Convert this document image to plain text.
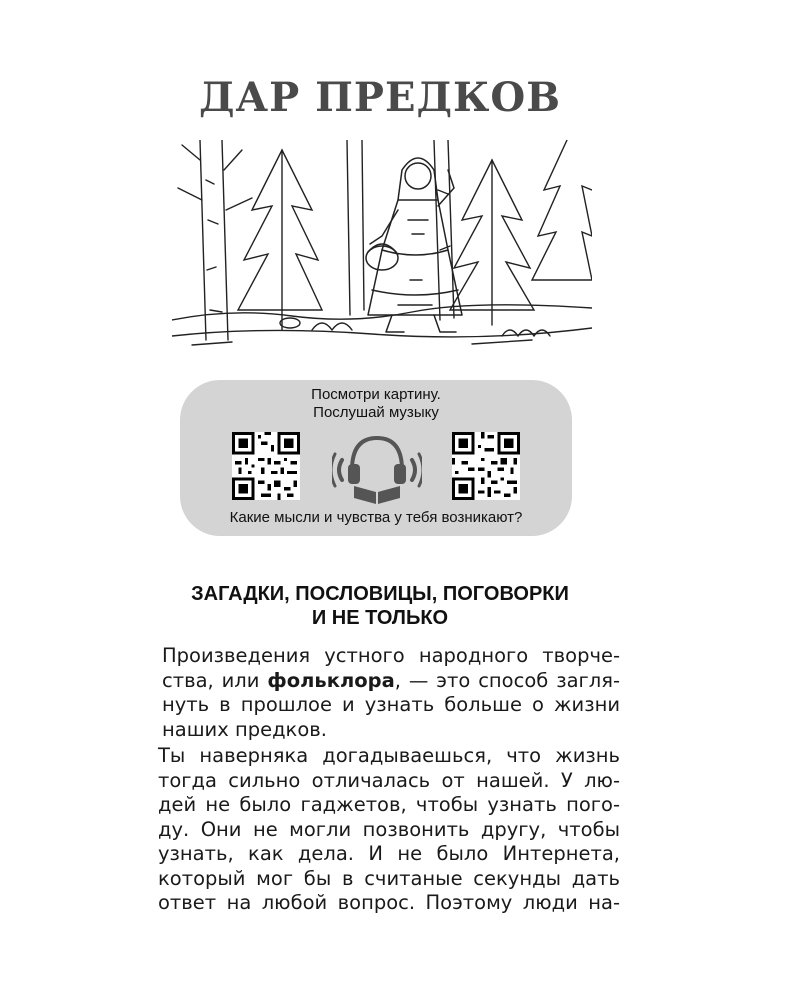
ДАР ПРЕДКОВ
Посмотри картину.
Послушай музыку
Какие мысли и чувства у тебя возникают?
ЗАГАДКИ, ПОСЛОВИЦЫ, ПОГОВОРКИ
И НЕ ТОЛЬКО

Произведения устного народного творче-
ства, или фольклора, — это способ загля-
нуть в прошлое и узнать больше о жизни
наших предков.

Ты наверняка догадываешься, что жизнь
тогда сильно отличалась от нашей. У лю-
дей не было гаджетов, чтобы узнать пого-
ду. Они не могли позвонить другу, чтобы
узнать, как дела. И не было Интернета,
который мог бы в считаные секунды дать
ответ на любой вопрос. Поэтому люди на-
